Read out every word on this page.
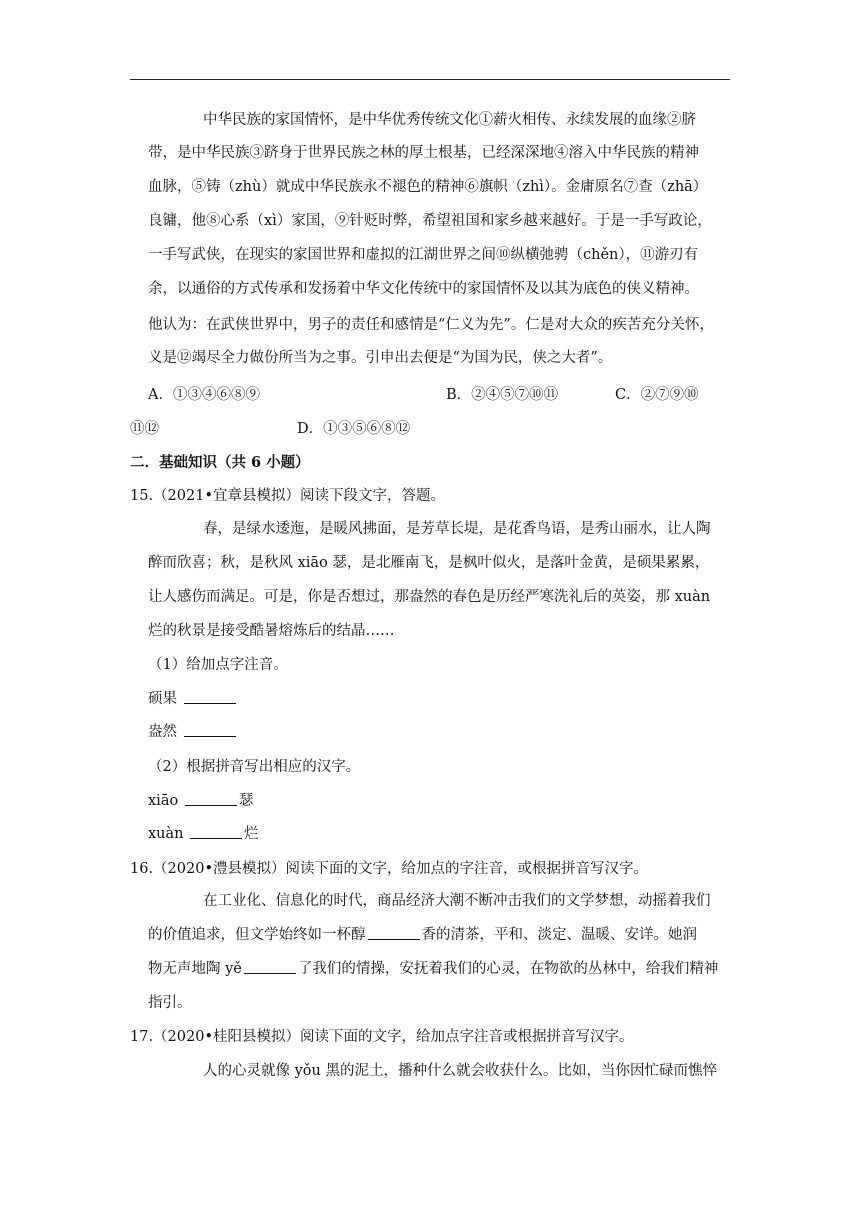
中华民族的家国情怀，是中华优秀传统文化①薪火相传、永续发展的血缘②脐
带，是中华民族③跻身于世界民族之林的厚土根基，已经深深地④溶入中华民族的精神
血脉，⑤铸（zhù）就成中华民族永不褪色的精神⑥旗帜（zhì）。金庸原名⑦查（zhā）
良镛，他⑧心系（xì）家国，⑨针贬时弊，希望祖国和家乡越来越好。于是一手写政论，
一手写武侠，在现实的家国世界和虚拟的江湖世界之间⑩纵横弛骋（chěn），⑪游刃有
余，以通俗的方式传承和发扬着中华文化传统中的家国情怀及以其为底色的侠义精神。
他认为：在武侠世界中，男子的责任和感情是“仁义为先”。仁是对大众的疾苦充分关怀，
义是⑫竭尽全力做份所当为之事。引申出去便是“为国为民，侠之大者”。
A．①③④⑥⑧⑨	B．②④⑤⑦⑩⑪	C．②⑦⑨⑩
⑪⑫	D．①③⑤⑥⑧⑫
二．基础知识（共 6 小题）
15.（2021•宜章县模拟）阅读下段文字，答题。
春，是绿水逶迤，是暖风拂面，是芳草长堤，是花香鸟语，是秀山丽水，让人陶
醉而欣喜；秋，是秋风 xiāo 瑟，是北雁南飞，是枫叶似火，是落叶金黄，是硕果累累，
让人感伤而满足。可是，你是否想过，那盎然的春色是历经严寒洗礼后的英姿，那 xuàn
烂的秋景是接受酷暑熔炼后的结晶……
（1）给加点字注音。
硕果
盎然
（2）根据拼音写出相应的汉字。
xiāo	瑟
xuàn	烂
16.（2020•澧县模拟）阅读下面的文字，给加点的字注音，或根据拼音写汉字。
在工业化、信息化的时代，商品经济大潮不断冲击我们的文学梦想，动摇着我们
的价值追求，但文学始终如一杯醇	香的清茶，平和、淡定、温暖、安详。她润
物无声地陶 yě	了我们的情操，安抚着我们的心灵，在物欲的丛林中，给我们精神
指引。
17.（2020•桂阳县模拟）阅读下面的文字，给加点字注音或根据拼音写汉字。
人的心灵就像 yǒu 黑的泥土，播种什么就会收获什么。比如，当你因忙碌而憔悴
